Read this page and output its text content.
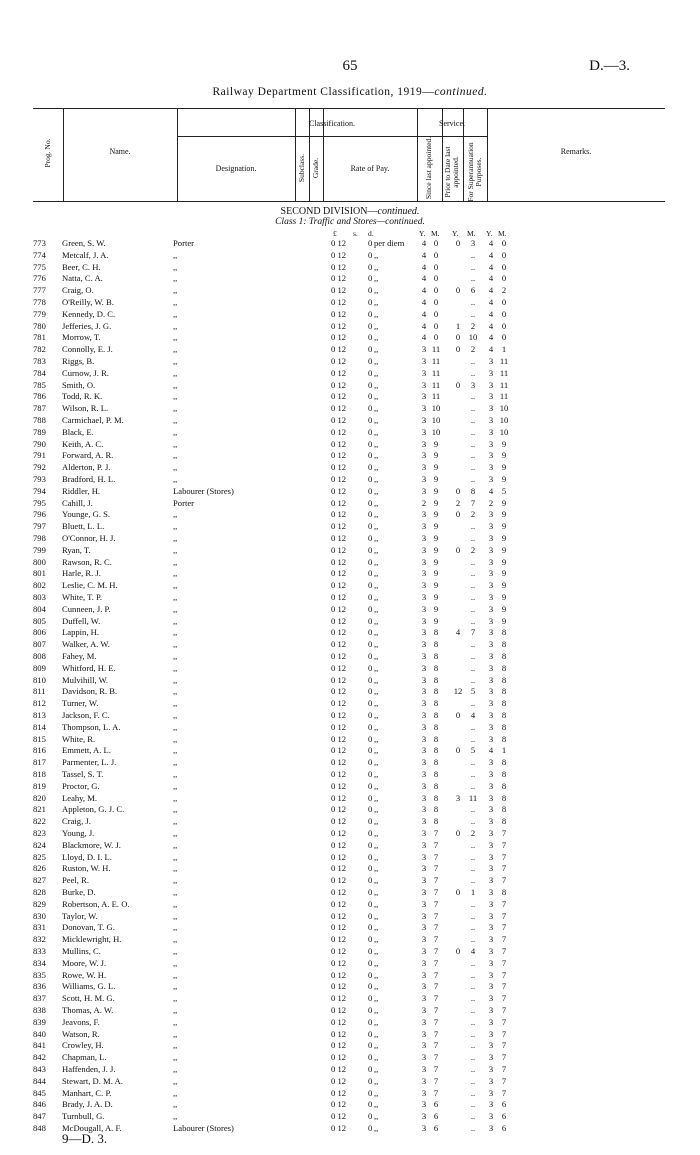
65	D.—3.
Railway Department Classification, 1919—continued.
Prog. No.	Name.
Classification.
Designation.	Subclass. Grade.	Rate of Pay.
Service.
Since last appointed. Prior to Date last appointed. For Superannuation Purposes.
Remarks.
SECOND DIVISION—continued.
Class 1: Traffic and Stores—continued.
£ s. d.	Y. M. Y. M. Y. M.
773	Green, S. W.	Porter	0 12	0 per diem	4 0	0	3	4	0
774	Metcalf, J. A.	,,	0 12	0 ,,	4 0	..	4	0
775	Beer, C. H.	,,	0 12	0 ,,	4 0	..	4	0
776	Natta, C. A.	,,	0 12	0 ,,	4 0	..	4	0
777	Craig, O.	,,	0 12	0 ,,	4 0	0	6	4	2
778	O'Reilly, W. B.	,,	0 12	0 ,,	4 0	..	4	0
779	Kennedy, D. C.	,,	0 12	0 ,,	4 0	..	4	0
780	Jefferies, J. G.	,,	0 12	0 ,,	4 0	1	2	4	0
781	Morrow, T.	,,	0 12	0 ,,	4 0	0 10	4	0
782	Connolly, E. J.	,,	0 12	0 ,,	3 11	0	2	4	1
783	Riggs, B.	,,	0 12	0 ,,	3 11	..	3 11
784	Curnow, J. R.	,,	0 12	0 ,,	3 11	..	3 11
785	Smith, O.	,,	0 12	0 ,,	3 11	0	3	3 11
786	Todd, R. K.	,,	0 12	0 ,,	3 11	..	3 11
787	Wilson, R. L.	,,	0 12	0 ,,	3 10	..	3 10
788	Carmichael, P. M.	,,	0 12	0 ,,	3 10	..	3 10
789	Black, E.	,,	0 12	0 ,,	3 10	..	3 10
790	Keith, A. C.	,,	0 12	0 ,,	3 9	..	3	9
791	Forward, A. R.	,,	0 12	0 ,,	3 9	..	3	9
792	Alderton, P. J.	,,	0 12	0 ,,	3 9	..	3	9
793	Bradford, H. L.	,,	0 12	0 ,,	3 9	..	3	9
794	Riddler, H.	Labourer (Stores)	0 12	0 ,,	3 9	0	8	4	5
795	Cahill, J.	Porter	0 12	0 ,,	2 9	2	7	2	9
796	Younge, G. S.	,,	0 12	0 ,,	3 9	0	2	3	9
797	Bluett, L. L.	,,	0 12	0 ,,	3 9	..	3	9
798	O'Connor, H. J.	,,	0 12	0 ,,	3 9	..	3	9
799	Ryan, T.	,,	0 12	0 ,,	3 9	0	2	3	9
800	Rawson, R. C.	,,	0 12	0 ,,	3 9	..	3	9
801	Harle, R. J.	,,	0 12	0 ,,	3 9	..	3	9
802	Leslie, C. M. H.	,,	0 12	0 ,,	3 9	..	3	9
803	White, T. P.	,,	0 12	0 ,,	3 9	..	3	9
804	Cunneen, J. P.	,,	0 12	0 ,,	3 9	..	3	9
805	Duffell, W.	,,	0 12	0 ,,	3 9	..	3	9
806	Lappin, H.	,,	0 12	0 ,,	3 8	4	7	3	8
807	Walker, A. W.	,,	0 12	0 ,,	3 8	..	3	8
808	Fahey, M.	,,	0 12	0 ,,	3 8	..	3	8
809	Whitford, H. E.	,,	0 12	0 ,,	3 8	..	3	8
810	Mulvihill, W.	,,	0 12	0 ,,	3 8	..	3	8
811	Davidson, R. B.	,,	0 12	0 ,,	3 8	12 5	3	8
812	Turner, W.	,,	0 12	0 ,,	3 8	..	3	8
813	Jackson, F. C.	,,	0 12	0 ,,	3 8	0	4	3	8
814	Thompson, L. A.	,,	0 12	0 ,,	3 8	..	3	8
815	White, R.	,,	0 12	0 ,,	3 8	..	3	8
816	Emmett, A. L.	,,	0 12	0 ,,	3 8	0	5	4	1
817	Parmenter, L. J.	,,	0 12	0 ,,	3 8	..	3	8
818	Tassel, S. T.	,,	0 12	0 ,,	3 8	..	3	8
819	Proctor, G.	,,	0 12	0 ,,	3 8	..	3	8
820	Leahy, M.	,,	0 12	0 ,,	3 8	3	11	3	8
821	Appleton, G. J. C.	,,	0 12	0 ,,	3 8	..	3	8
822	Craig, J.	,,	0 12	0 ,,	3 8	..	3	8
823	Young, J.	,,	0 12	0 ,,	3 7	0	2	3	7
824	Blackmore, W. J.	,,	0 12	0 ,,	3 7	..	3	7
825	Lloyd, D. I. L.	,,	0 12	0 ,,	3 7	..	3	7
826	Ruston, W. H.	,,	0 12	0 ,,	3 7	..	3	7
827	Peel, R.	,,	0 12	0 ,,	3 7	..	3	7
828	Burke, D.	,,	0 12	0 ,,	3 7	0	1	3	8
829	Robertson, A. E. O.	,,	0 12	0 ,,	3 7	..	3	7
830	Taylor, W.	,,	0 12	0 ,,	3 7	..	3	7
831	Donovan, T. G.	,,	0 12	0 ,,	3 7	..	3	7
832	Micklewright, H.	,,	0 12	0 ,,	3 7	..	3	7
833	Mullins, C.	,,	0 12	0 ,,	3 7	0	4	3	7
834	Moore, W. J.	,,	0 12	0 ,,	3 7	..	3	7
835	Rowe, W. H.	,,	0 12	0 ,,	3 7	..	3	7
836	Williams, G. L.	,,	0 12	0 ,,	3 7	..	3	7
837	Scott, H. M. G.	,,	0 12	0 ,,	3 7	..	3	7
838	Thomas, A. W.	,,	0 12	0 ,,	3 7	..	3	7
839	Jeavons, F.	,,	0 12	0 ,,	3 7	..	3	7
840	Watson, R.	,,	0 12	0 ,,	3 7	..	3	7
841	Crowley, H.	,,	0 12	0 ,,	3 7	..	3	7
842	Chapman, L.	,,	0 12	0 ,,	3 7	..	3	7
843	Haffenden, J. J.	,,	0 12	0 ,,	3 7	..	3	7
844	Stewart, D. M. A.	,,	0 12	0 ,,	3 7	..	3	7
845	Manhart, C. P.	,,	0 12	0 ,,	3 7	..	3	7
846	Brady, J. A. D.	,,	0 12	0 ,,	3 6	..	3	6
847	Turnbull, G.	,,	0 12	0 ,,	3 6	..	3	6
848	McDougall, A. F.	Labourer (Stores)	0 12	0 ,,	3 6	..	3	6
9—D. 3.
